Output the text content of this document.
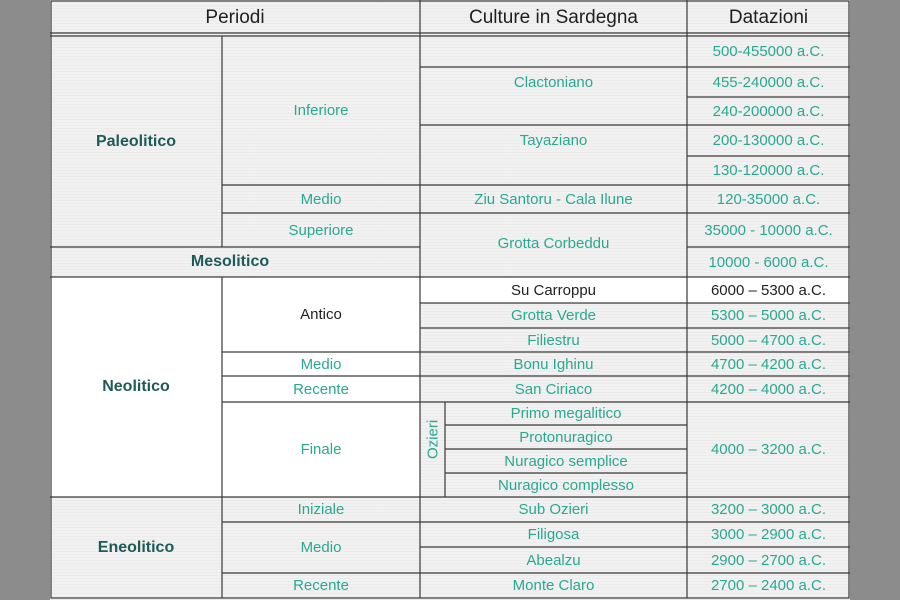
Periodi	Culture in Sardegna	Datazioni
Paleolitico
Mesolitico
Neolitico
Eneolitico
Inferiore
Medio
Superiore
Antico
Medio
Recente
Finale
Iniziale
Medio
Recente
Clactoniano
Tayaziano
Ziu Santoru - Cala Ilune
Grotta Corbeddu
Su Carroppu
Grotta Verde
Filiestru
Bonu Ighinu
San Ciriaco
Ozieri
Primo megalitico
Protonuragico
Nuragico semplice
Nuragico complesso
Sub Ozieri
Filigosa
Abealzu
Monte Claro
500-455000 a.C.
455-240000 a.C.
240-200000 a.C.
200-130000 a.C.
130-120000 a.C.
120-35000 a.C.
35000 - 10000 a.C.
10000 - 6000 a.C.
6000 – 5300 a.C.
5300 – 5000 a.C.
5000 – 4700 a.C.
4700 – 4200 a.C.
4200 – 4000 a.C.
4000 – 3200 a.C.
3200 – 3000 a.C.
3000 – 2900 a.C.
2900 – 2700 a.C.
2700 – 2400 a.C.
